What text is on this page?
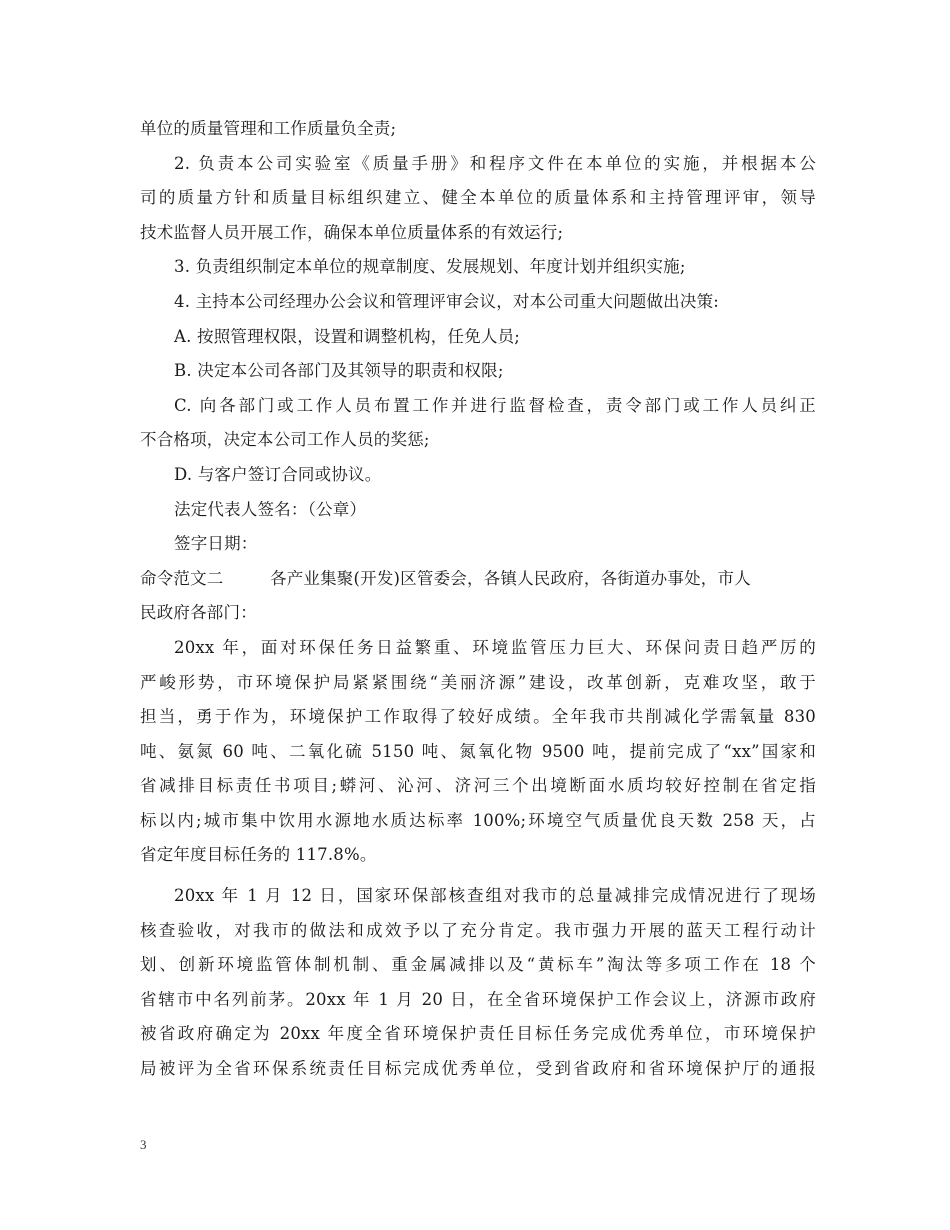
单位的质量管理和工作质量负全责;
2. 负责本公司实验室《质量手册》和程序文件在本单位的实施，并根据本公
司的质量方针和质量目标组织建立、健全本单位的质量体系和主持管理评审，领导
技术监督人员开展工作，确保本单位质量体系的有效运行;
3. 负责组织制定本单位的规章制度、发展规划、年度计划并组织实施;
4. 主持本公司经理办公会议和管理评审会议，对本公司重大问题做出决策:
A. 按照管理权限，设置和调整机构，任免人员;
B. 决定本公司各部门及其领导的职责和权限;
C. 向各部门或工作人员布置工作并进行监督检查，责令部门或工作人员纠正
不合格项，决定本公司工作人员的奖惩;
D. 与客户签订合同或协议。
法定代表人签名：（公章）
签字日期：
命令范文二	各产业集聚(开发)区管委会，各镇人民政府，各街道办事处，市人
民政府各部门：
20xx 年，面对环保任务日益繁重、环境监管压力巨大、环保问责日趋严厉的
严峻形势，市环境保护局紧紧围绕“美丽济源”建设，改革创新，克难攻坚，敢于
担当，勇于作为，环境保护工作取得了较好成绩。全年我市共削减化学需氧量 830
吨、氨氮 60 吨、二氧化硫 5150 吨、氮氧化物 9500 吨，提前完成了“xx”国家和
省减排目标责任书项目;蟒河、沁河、济河三个出境断面水质均较好控制在省定指
标以内;城市集中饮用水源地水质达标率 100%;环境空气质量优良天数 258 天，占
省定年度目标任务的 117.8%。
20xx 年 1 月 12 日，国家环保部核查组对我市的总量减排完成情况进行了现场
核查验收，对我市的做法和成效予以了充分肯定。我市强力开展的蓝天工程行动计
划、创新环境监管体制机制、重金属减排以及“黄标车”淘汰等多项工作在 18 个
省辖市中名列前茅。20xx 年 1 月 20 日，在全省环境保护工作会议上，济源市政府
被省政府确定为 20xx 年度全省环境保护责任目标任务完成优秀单位，市环境保护
局被评为全省环保系统责任目标完成优秀单位，受到省政府和省环境保护厅的通报
3
